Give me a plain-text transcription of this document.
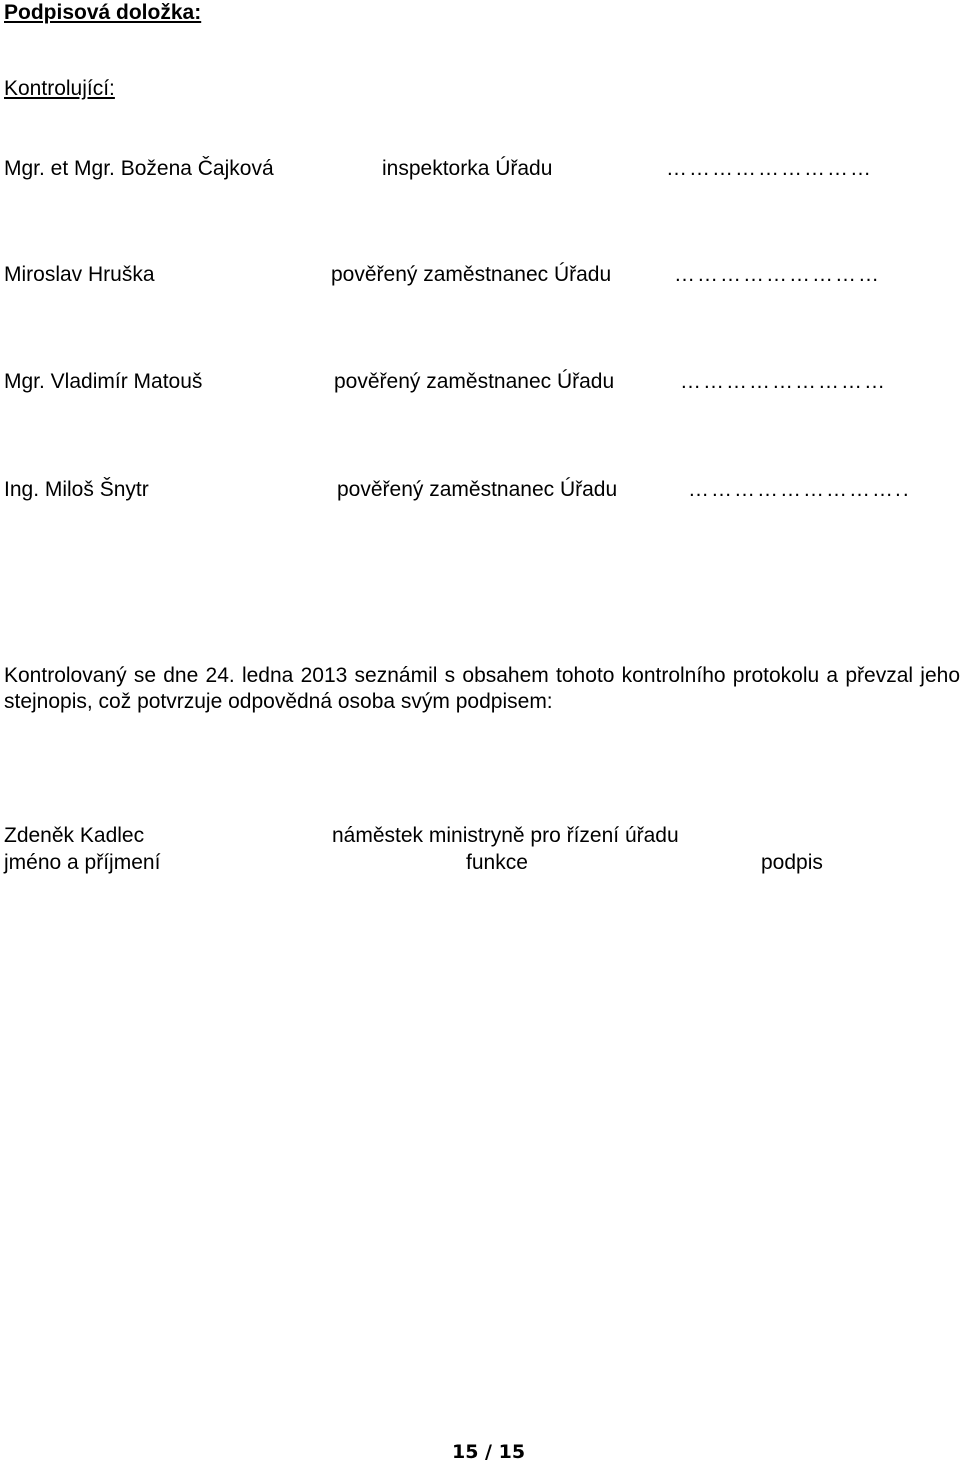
Podpisová doložka:
Kontrolující:
Mgr. et Mgr. Božena Čajková	inspektorka Úřadu	………………………
Miroslav Hruška	pověřený zaměstnanec Úřadu	………………………
Mgr. Vladimír Matouš	pověřený zaměstnanec Úřadu	………………………
Ing. Miloš Šnytr	pověřený zaměstnanec Úřadu	………………………..

Kontrolovaný se dne 24. ledna 2013 seznámil s obsahem tohoto kontrolního protokolu a převzal jeho stejnopis, což potvrzuje odpovědná osoba svým podpisem:

Zdeněk Kadlec	náměstek ministryně pro řízení úřadu
jméno a příjmení	funkce	podpis
15 / 15
